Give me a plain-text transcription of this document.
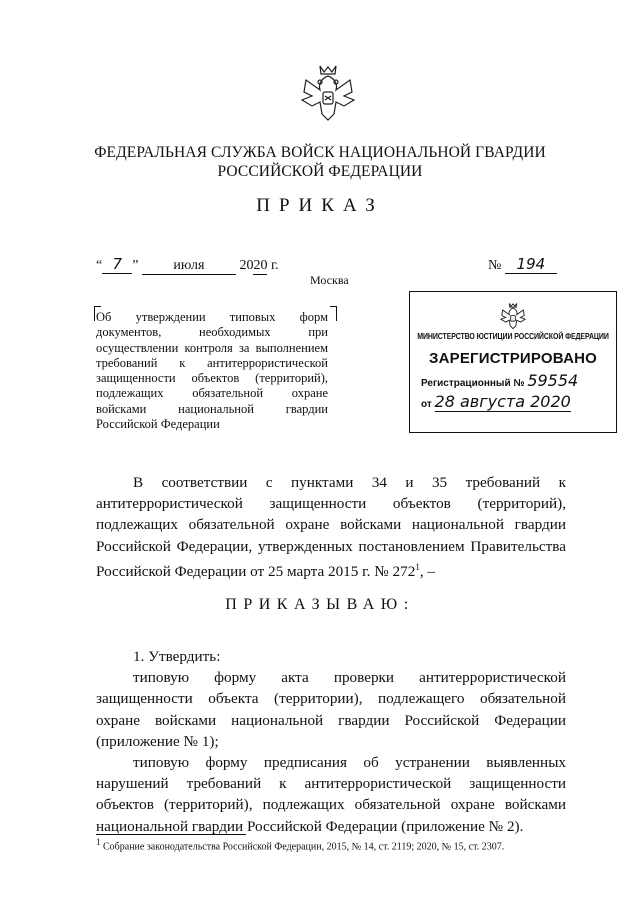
ФЕДЕРАЛЬНАЯ СЛУЖБА ВОЙСК НАЦИОНАЛЬНОЙ ГВАРДИИ
РОССИЙСКОЙ ФЕДЕРАЦИИ
ПРИКАЗ
“ 7 ” июля 2020 г.	№ 194
Москва

Об утверждении типовых форм документов, необходимых при осуществлении контроля за выполнением требований к антитеррористической защищенности объектов (территорий), подлежащих обязательной охране войсками национальной гвардии Российской Федерации

МИНИСТЕРСТВО ЮСТИЦИИ РОССИЙСКОЙ ФЕДЕРАЦИИ
ЗАРЕГИСТРИРОВАНО
Регистрационный № 59554
от 28 августа 2020

В соответствии с пунктами 34 и 35 требований к антитеррористической защищенности объектов (территорий), подлежащих обязательной охране войсками национальной гвардии Российской Федерации, утвержденных постановлением Правительства Российской Федерации от 25 марта 2015 г. № $272^1$, –

ПРИКАЗЫВАЮ:

1. Утвердить:

типовую форму акта проверки антитеррористической защищенности объекта (территории), подлежащего обязательной охране войсками национальной гвардии Российской Федерации (приложение № 1);

типовую форму предписания об устранении выявленных нарушений требований к антитеррористической защищенности объектов (территорий), подлежащих обязательной охране войсками национальной гвардии Российской Федерации (приложение № 2).

$^1$ Собрание законодательства Российской Федерации, 2015, № 14, ст. 2119; 2020, № 15, ст. 2307.
